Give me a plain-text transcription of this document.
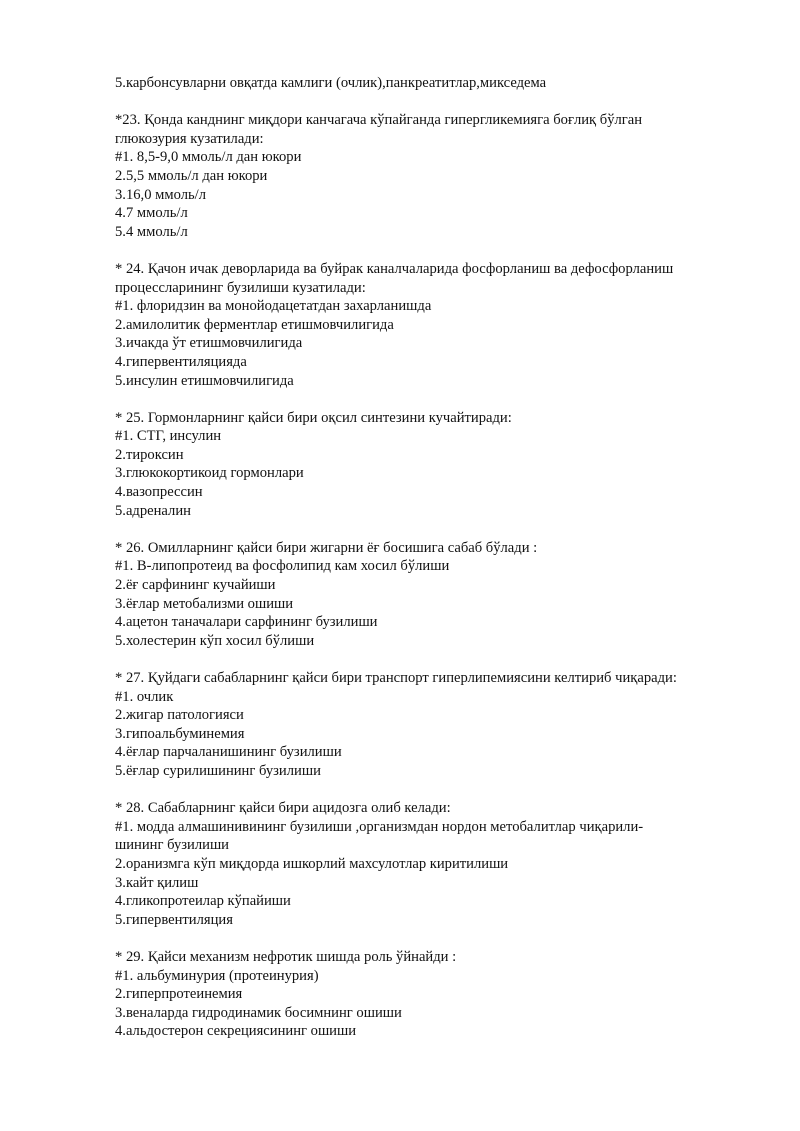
5.карбонсувларни овқатда камлиги (очлик),панкреатитлар,микседема

*23. Қонда канднинг миқдори канчагача кўпайганда гипергликемияга боғлиқ бўлган

глюкозурия кузатилади:

#1. 8,5-9,0 ммоль/л дан юкори

2.5,5 ммоль/л дан юкори

3.16,0 ммоль/л

4.7 ммоль/л

5.4 ммоль/л

* 24. Қачон ичак деворларида ва буйрак каналчаларида фосфорланиш ва дефосфорланиш

процессларининг бузилиши кузатилади:

#1. флоридзин ва монойодацетатдан захарланишда

2.амилолитик ферментлар етишмовчилигида

3.ичакда ўт етишмовчилигида

4.гипервентиляцияда

5.инсулин етишмовчилигида

* 25. Гормонларнинг қайси бири оқсил синтезини кучайтиради:

#1. СТГ, инсулин

2.тироксин

3.глюкокортикоид гормонлари

4.вазопрессин

5.адреналин

* 26. Омилларнинг қайси бири жигарни ёғ босишига сабаб бўлади :

#1. В-липопротеид ва фосфолипид кам хосил бўлиши

2.ёғ сарфининг кучайиши

3.ёғлар метобализми ошиши

4.ацетон таначалари сарфининг бузилиши

5.холестерин кўп хосил бўлиши

* 27. Қуйдаги сабабларнинг қайси бири транспорт гиперлипемиясини келтириб чиқаради:

#1. очлик

2.жигар патологияси

3.гипоальбуминемия

4.ёғлар парчаланишининг бузилиши

5.ёғлар сурилишининг бузилиши

* 28. Сабабларнинг қайси бири ацидозга олиб келади:

#1. модда алмашинивининг бузилиши ,организмдан нордон метобалитлар чиқарили-

шининг бузилиши

2.оранизмга кўп миқдорда ишкорлий махсулотлар киритилиши

3.кайт қилиш

4.гликопротеилар кўпайиши

5.гипервентиляция

* 29. Қайси механизм нефротик шишда роль ўйнайди :

#1. альбуминурия (протеинурия)

2.гиперпротеинемия

3.веналарда гидродинамик босимнинг ошиши

4.альдостерон секрециясининг ошиши
